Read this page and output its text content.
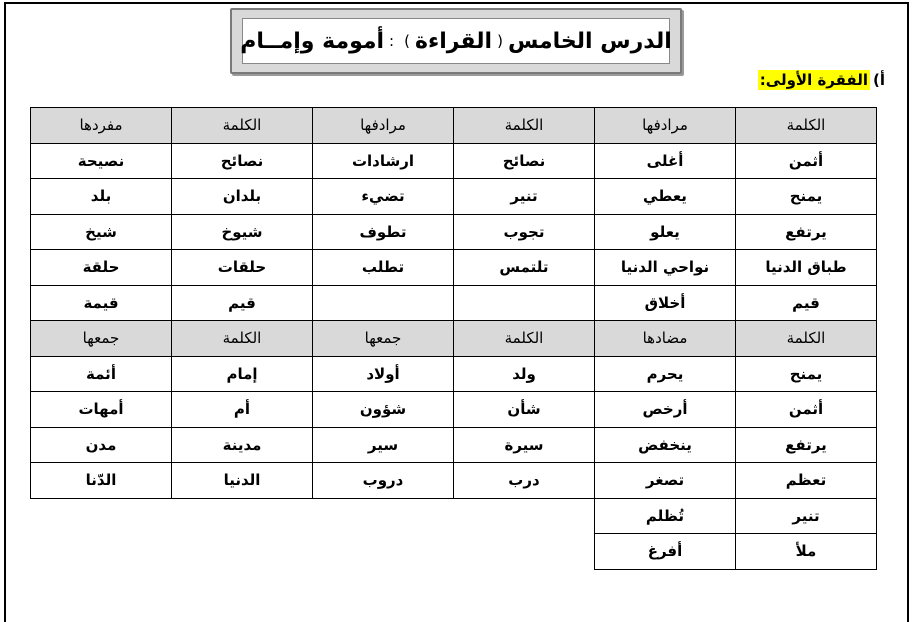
الدرس الخامس
(
القراءة
)
:
أمومة وإمــام
أ)الفقرة الأولى:
الكلمة	مرادفها	الكلمة	مرادفها	الكلمة	مفردها
أثمن	أغلى	نصائح	ارشادات	نصائح	نصيحة
يمنح	يعطي	تنير	تضيء	بلدان	بلد
يرتفع	يعلو	تجوب	تطوف	شيوخ	شيخ
طباق الدنيا	نواحي الدنيا	تلتمس	تطلب	حلقات	حلقة
قيم	أخلاق			قيم	قيمة
الكلمة	مضادها	الكلمة	جمعها	الكلمة	جمعها
يمنح	يحرم	ولد	أولاد	إمام	أئمة
أثمن	أرخص	شأن	شؤون	أم	أمهات
يرتفع	ينخفض	سيرة	سير	مدينة	مدن
تعظم	تصغر	درب	دروب	الدنيا	الدّنا
تنير	تُظلم				
ملأ	أفرغ				
